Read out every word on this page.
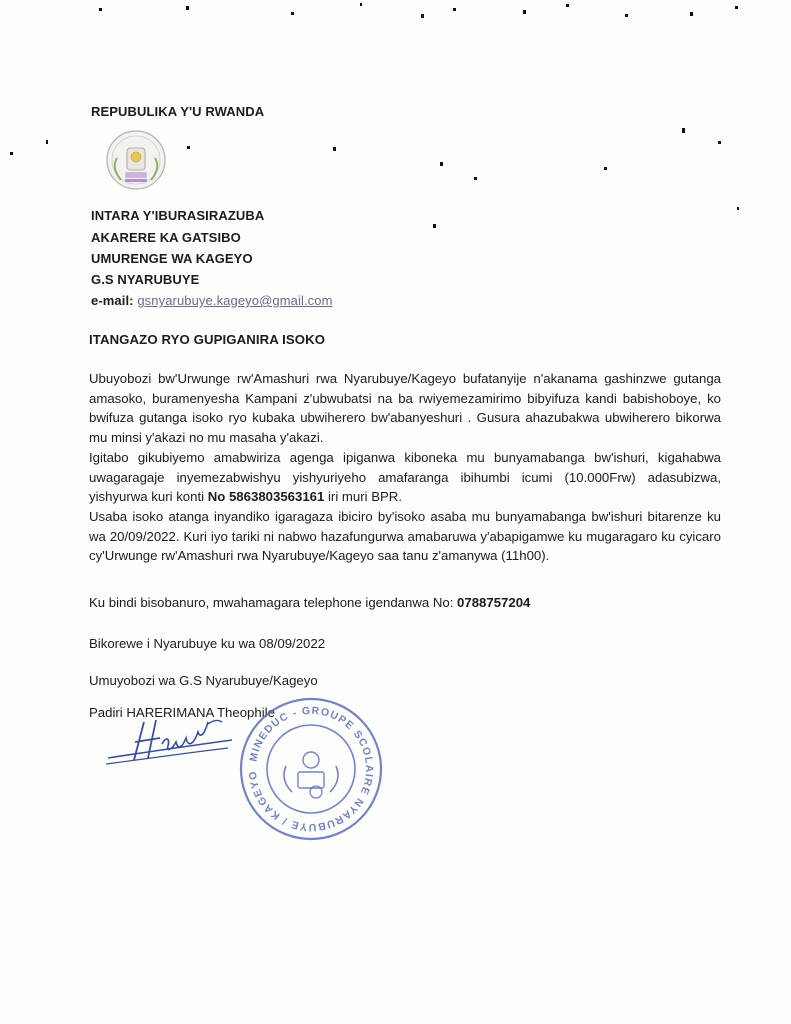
REPUBULIKA Y'U RWANDA
INTARA Y'IBURASIRAZUBA
AKARERE KA GATSIBO
UMURENGE WA KAGEYO
G.S NYARUBUYE
e-mail: gsnyarubuye.kageyo@gmail.com
ITANGAZO RYO GUPIGANIRA ISOKO
Ubuyobozi bw'Urwunge rw'Amashuri rwa Nyarubuye/Kageyo bufatanyije n'akanama gashinzwe gutanga amasoko, buramenyesha Kampani z'ubwubatsi na ba rwiyemezamirimo bibyifuza kandi babishoboye, ko bwifuza gutanga isoko ryo kubaka ubwiherero bw'abanyeshuri . Gusura ahazubakwa ubwiherero bikorwa mu minsi y'akazi no mu masaha y'akazi.
Igitabo gikubiyemo amabwiriza agenga ipiganwa kiboneka mu bunyamabanga bw'ishuri, kigahabwa uwagaragaje inyemezabwishyu yishyuriyeho amafaranga ibihumbi icumi (10.000Frw) adasubizwa, yishyurwa kuri konti No 5863803563161 iri muri BPR.
Usaba isoko atanga inyandiko igaragaza ibiciro by'isoko asaba mu bunyamabanga bw'ishuri bitarenze ku wa 20/09/2022. Kuri iyo tariki ni nabwo hazafungurwa amabaruwa y'abapigamwe ku mugaragaro ku cyicaro cy'Urwunge rw'Amashuri rwa Nyarubuye/Kageyo saa tanu z'amanywa (11h00).
Ku bindi bisobanuro, mwahamagara telephone igendanwa No: 0788757204
Bikorewe i Nyarubuye ku wa 08/09/2022
Umuyobozi wa G.S Nyarubuye/Kageyo
Padiri HARERIMANA Theophile
MINEDUC - GROUPE SCOLAIRE NYARUBUYE / KAGEYO
